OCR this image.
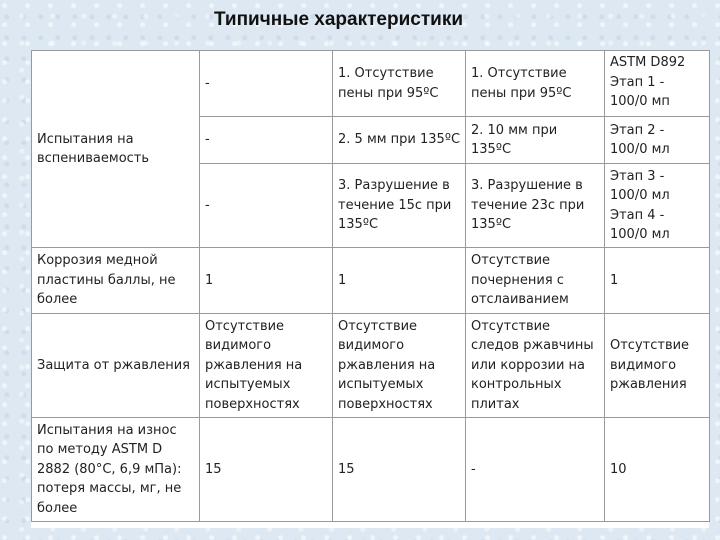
Типичные характеристики
Испытания на вспениваемость	-	1. Отсутствие пены при 95ºС	1. Отсутствие пены при 95ºС	ASTM D892 Этап 1 - 100/0 мп
	-	2. 5 мм при 135ºС	2. 10 мм при 135ºС	Этап 2 - 100/0 мл
	-	3. Разрушение в течение 15с при 135ºС	3. Разрушение в течение 23с при 135ºС	Этап 3 - 100/0 мл Этап 4 - 100/0 мл
Коррозия медной пластины баллы, не более	1	1	Отсутствие почернения с отслаиванием	1
Защита от ржавления	Отсутствие видимого ржавления на испытуемых поверхностях	Отсутствие видимого ржавления на испытуемых поверхностях	Отсутствие следов ржавчины или коррозии на контрольных плитах	Отсутствие видимого ржавления
Испытания на износ по методу ASTM D 2882 (80°С, 6,9 мПа): потеря массы, мг, не более	15	15	-	10
